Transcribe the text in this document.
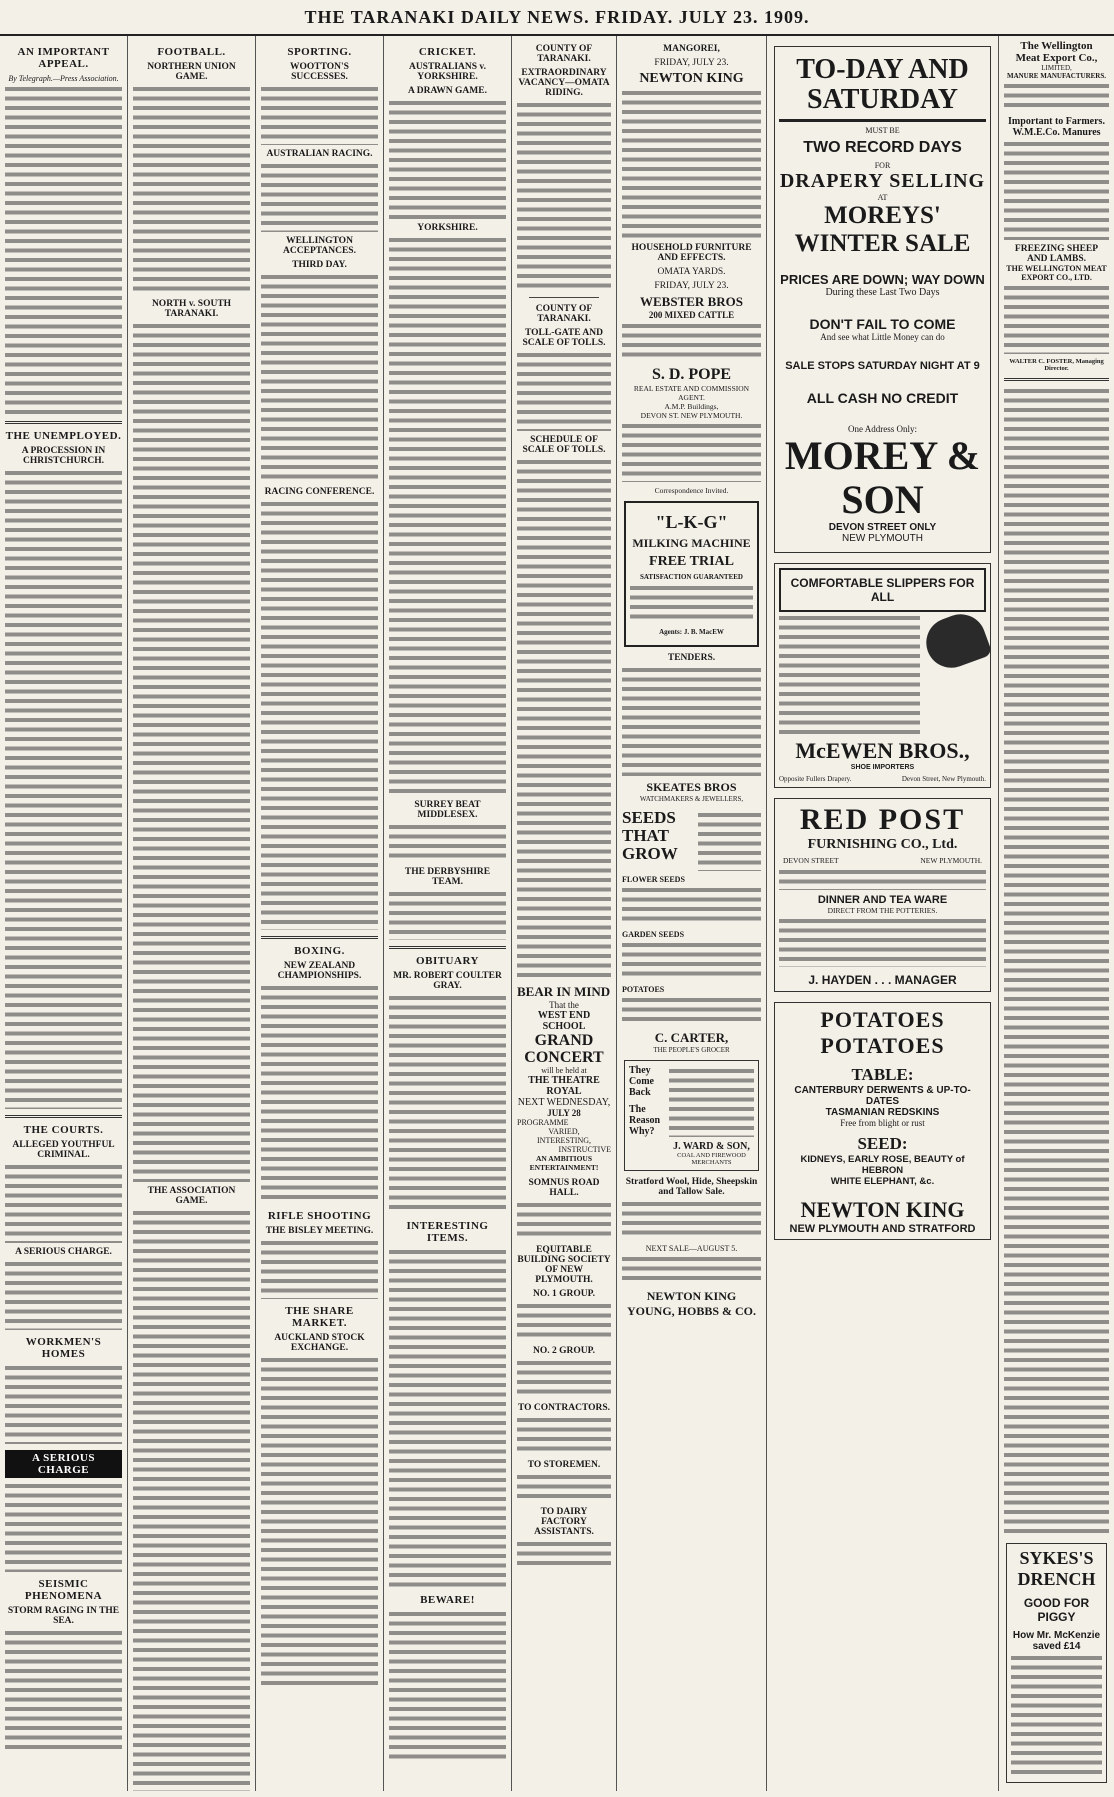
THE TARANAKI DAILY NEWS. FRIDAY. JULY 23. 1909.
AN IMPORTANT APPEAL.
By Telegraph.—Press Association.
THE UNEMPLOYED.
A PROCESSION IN CHRISTCHURCH.
THE COURTS.
ALLEGED YOUTHFUL CRIMINAL.
A SERIOUS CHARGE.
WORKMEN'S HOMES
A SERIOUS CHARGE
SEISMIC PHENOMENA
STORM RAGING IN THE SEA.
FOOTBALL.
NORTHERN UNION GAME.
NORTH v. SOUTH TARANAKI.
THE ASSOCIATION GAME.
SPORTING.
WOOTTON'S SUCCESSES.
AUSTRALIAN RACING.
WELLINGTON ACCEPTANCES.
THIRD DAY.
RACING CONFERENCE.
BOXING.
NEW ZEALAND CHAMPIONSHIPS.
RIFLE SHOOTING
THE BISLEY MEETING.
THE SHARE MARKET.
AUCKLAND STOCK EXCHANGE.
CRICKET.
AUSTRALIANS v. YORKSHIRE.
A DRAWN GAME.
YORKSHIRE.
SURREY BEAT MIDDLESEX.
THE DERBYSHIRE TEAM.
OBITUARY
MR. ROBERT COULTER GRAY.
INTERESTING ITEMS.
BEWARE!
COUNTY OF TARANAKI.
EXTRAORDINARY VACANCY—OMATA RIDING.
COUNTY OF TARANAKI.
TOLL-GATE AND SCALE OF TOLLS.
SCHEDULE OF SCALE OF TOLLS.
BEAR IN MIND
That the
WEST END SCHOOL
GRAND CONCERT
will be held at
THE THEATRE ROYAL
NEXT WEDNESDAY,
JULY 28
PROGRAMME
VARIED,
INTERESTING,
INSTRUCTIVE
AN AMBITIOUS ENTERTAINMENT!
SOMNUS ROAD HALL.
EQUITABLE BUILDING SOCIETY OF NEW PLYMOUTH.
NO. 1 GROUP.
NO. 2 GROUP.
TO CONTRACTORS.
TO STOREMEN.
TO DAIRY FACTORY ASSISTANTS.
MANGOREI,
FRIDAY, JULY 23.
NEWTON KING
HOUSEHOLD FURNITURE AND EFFECTS.
OMATA YARDS.
FRIDAY, JULY 23.
WEBSTER BROS
200 MIXED CATTLE
S. D. POPE
REAL ESTATE AND COMMISSION AGENT.
A.M.P. Buildings,
DEVON ST. NEW PLYMOUTH.
Correspondence Invited.
"L-K-G"
MILKING MACHINE
FREE TRIAL
SATISFACTION GUARANTEED
Agents: J. B. MacEW
TENDERS.
SKEATES BROS
WATCHMAKERS & JEWELLERS,
SEEDS
THAT
GROW
FLOWER SEEDS
GARDEN SEEDS
POTATOES
C. CARTER,
THE PEOPLE'S GROCER
They Come Back
The Reason Why?
J. WARD & SON,
COAL AND FIREWOOD MERCHANTS
Stratford Wool, Hide, Sheepskin and Tallow Sale.
NEXT SALE—AUGUST 5.
NEWTON KING
YOUNG, HOBBS & CO.
TO-DAY AND SATURDAY
MUST BE
TWO RECORD DAYS
FOR
DRAPERY SELLING
AT
MOREYS' WINTER SALE
PRICES ARE DOWN; WAY DOWN
During these Last Two Days
DON'T FAIL TO COME
And see what Little Money can do
SALE STOPS SATURDAY NIGHT AT 9
ALL CASH NO CREDIT
One Address Only:
MOREY & SON
DEVON STREET ONLY
NEW PLYMOUTH
COMFORTABLE SLIPPERS FOR ALL
McEWEN BROS.,
SHOE IMPORTERS
Opposite Fullers Drapery.	Devon Street, New Plymouth.
RED POST
FURNISHING CO., Ltd.
DEVON STREET	NEW PLYMOUTH.
DINNER AND TEA WARE
DIRECT FROM THE POTTERIES.
J. HAYDEN . . . MANAGER
POTATOES POTATOES
TABLE:
CANTERBURY DERWENTS & UP-TO-DATES
TASMANIAN REDSKINS
Free from blight or rust
SEED:
KIDNEYS, EARLY ROSE, BEAUTY of HEBRON
WHITE ELEPHANT, &c.
NEWTON KING
NEW PLYMOUTH AND STRATFORD
The Wellington
Meat Export Co.,
LIMITED,
MANURE MANUFACTURERS.
Important to Farmers.
W.M.E.Co. Manures
FREEZING SHEEP AND LAMBS.
THE WELLINGTON MEAT EXPORT CO., LTD.
WALTER C. FOSTER, Managing Director.
SYKES'S
DRENCH
GOOD FOR PIGGY
How Mr. McKenzie saved £14
